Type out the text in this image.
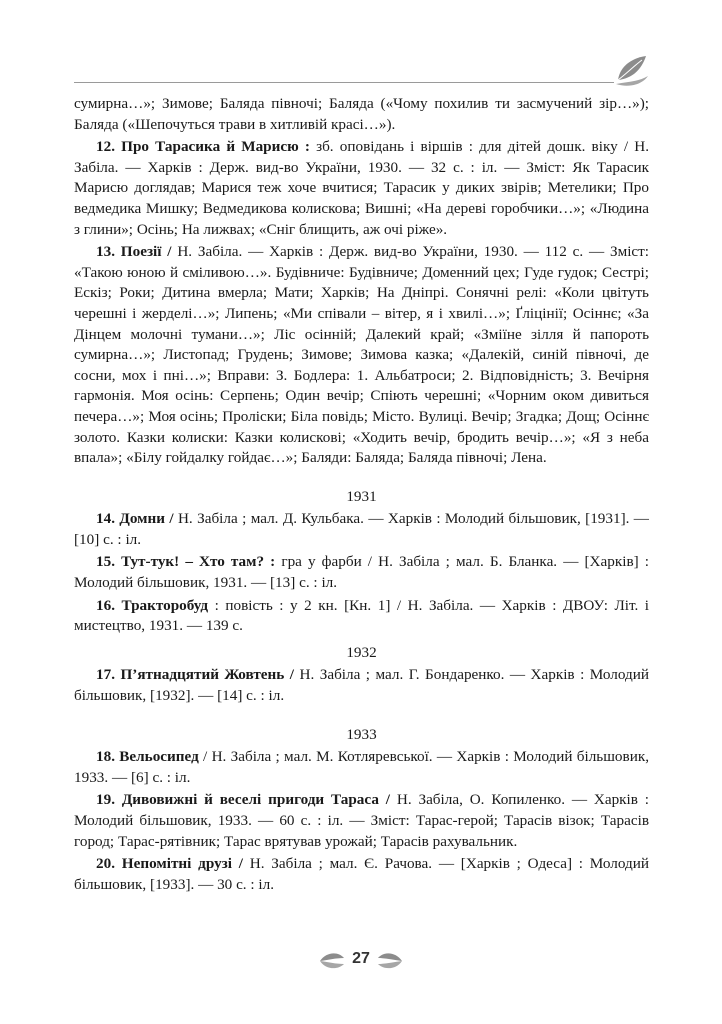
сумирна…»; Зимове; Баляда півночі; Баляда («Чому похилив ти засмучений зір…»); Баляда («Шепочуться трави в хитливій красі…»).

12. Про Тарасика й Марисю : зб. оповідань і віршів : для дітей дошк. віку / Н. Забіла. — Харків : Держ. вид-во України, 1930. — 32 с. : іл. — Зміст: Як Тарасик Марисю доглядав; Марися теж хоче вчитися; Тарасик у диких звірів; Метелики; Про ведмедика Мишку; Ведмедикова колискова; Вишні; «На дереві горобчики…»; «Людина з глини»; Осінь; На лижвах; «Сніг блищить, аж очі ріже».

13. Поезії / Н. Забіла. — Харків : Держ. вид-во України, 1930. — 112 с. — Зміст: «Такою юною й сміливою…». Будівниче: Будівниче; Доменний цех; Гуде гудок; Сестрі; Ескіз; Роки; Дитина вмерла; Мати; Харків; На Дніпрі. Сонячні релі: «Коли цвітуть черешні і жерделі…»; Липень; «Ми співали – вітер, я і хвилі…»; Ґліцінії; Осіннє; «За Дінцем молочні тумани…»; Ліс осінній; Далекий край; «Зміїне зілля й папороть сумирна…»; Листопад; Грудень; Зимове; Зимова казка; «Далекій, синій півночі, де сосни, мох і пні…»; Вправи: З. Бодлера: 1. Альбатроси; 2. Відповідність; 3. Вечірня гармонія. Моя осінь: Серпень; Один вечір; Спіють черешні; «Чорним оком дивиться печера…»; Моя осінь; Проліски; Біла повідь; Місто. Вулиці. Вечір; Згадка; Дощ; Осіннє золото. Казки колиски: Казки колискові; «Ходить вечір, бродить вечір…»; «Я з неба впала»; «Білу гойдалку гойдає…»; Баляди: Баляда; Баляда півночі; Лена.

1931

14. Домни / Н. Забіла ; мал. Д. Кульбака. — Харків : Молодий більшовик, [1931]. — [10] с. : іл.

15. Тут-тук! – Хто там? : гра у фарби / Н. Забіла ; мал. Б. Бланка. — [Харків] : Молодий більшовик, 1931. — [13] с. : іл.

16. Тракторобуд : повість : у 2 кн. [Кн. 1] / Н. Забіла. — Харків : ДВОУ: Літ. і мистецтво, 1931. — 139 с.

1932

17. П’ятнадцятий Жовтень / Н. Забіла ; мал. Г. Бондаренко. — Харків : Молодий більшовик, [1932]. — [14] с. : іл.

1933

18. Вельосипед / Н. Забіла ; мал. М. Котлярeвської. — Харків : Молодий більшовик, 1933. — [6] с. : іл.

19. Дивовижні й веселі пригоди Тараса / Н. Забіла, О. Копиленко. — Харків : Молодий більшовик, 1933. — 60 с. : іл. — Зміст: Тарас-герой; Тарасів візок; Тарасів город; Тарас-рятівник; Тарас врятував урожай; Тарасів рахувальник.

20. Непомітні друзі / Н. Забіла ; мал. Є. Рачова. — [Харків ; Одеса] : Молодий більшовик, [1933]. — 30 с. : іл.

27
